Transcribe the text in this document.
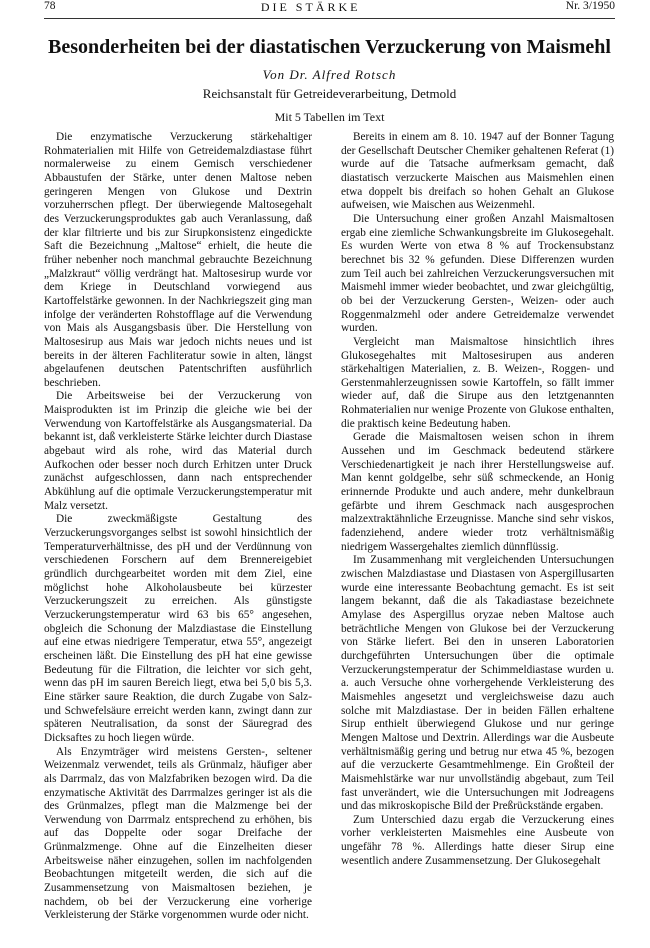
78	DIE STÄRKE	Nr. 3/1950
Besonderheiten bei der diastatischen Verzuckerung von Maismehl
Von Dr. Alfred Rotsch
Reichsanstalt für Getreideverarbeitung, Detmold
Mit 5 Tabellen im Text

Die enzymatische Verzuckerung stärkehaltiger Rohmaterialien mit Hilfe von Getreidemalzdiastase führt normalerweise zu einem Gemisch verschiedener Abbaustufen der Stärke, unter denen Maltose neben geringeren Mengen von Glukose und Dextrin vorzuherrschen pflegt. Der überwiegende Maltosegehalt des Verzuckerungsproduktes gab auch Veranlassung, daß der klar filtrierte und bis zur Sirupkonsistenz eingedickte Saft die Bezeichnung „Maltose“ erhielt, die heute die früher nebenher noch manchmal gebrauchte Bezeichnung „Malzkraut“ völlig verdrängt hat. Maltosesirup wurde vor dem Kriege in Deutschland vorwiegend aus Kartoffelstärke gewonnen. In der Nachkriegszeit ging man infolge der veränderten Rohstofflage auf die Verwendung von Mais als Ausgangsbasis über. Die Herstellung von Maltosesirup aus Mais war jedoch nichts neues und ist bereits in der älteren Fachliteratur sowie in alten, längst abgelaufenen deutschen Patentschriften ausführlich beschrieben.

Die Arbeitsweise bei der Verzuckerung von Maisprodukten ist im Prinzip die gleiche wie bei der Verwendung von Kartoffelstärke als Ausgangsmaterial. Da bekannt ist, daß verkleisterte Stärke leichter durch Diastase abgebaut wird als rohe, wird das Material durch Aufkochen oder besser noch durch Erhitzen unter Druck zunächst aufgeschlossen, dann nach entsprechender Abkühlung auf die optimale Verzuckerungstemperatur mit Malz versetzt.

Die zweckmäßigste Gestaltung des Verzuckerungsvorganges selbst ist sowohl hinsichtlich der Temperaturverhältnisse, des pH und der Verdünnung von verschiedenen Forschern auf dem Brennereigebiet gründlich durchgearbeitet worden mit dem Ziel, eine möglichst hohe Alkoholausbeute bei kürzester Verzuckerungszeit zu erreichen. Als günstigste Verzuckerungstemperatur wird 63 bis 65° angesehen, obgleich die Schonung der Malzdiastase die Einstellung auf eine etwas niedrigere Temperatur, etwa 55°, angezeigt erscheinen läßt. Die Einstellung des pH hat eine gewisse Bedeutung für die Filtration, die leichter vor sich geht, wenn das pH im sauren Bereich liegt, etwa bei 5,0 bis 5,3. Eine stärker saure Reaktion, die durch Zugabe von Salz- und Schwefelsäure erreicht werden kann, zwingt dann zur späteren Neutralisation, da sonst der Säuregrad des Dicksaftes zu hoch liegen würde.

Als Enzymträger wird meistens Gersten-, seltener Weizenmalz verwendet, teils als Grünmalz, häufiger aber als Darrmalz, das von Malzfabriken bezogen wird. Da die enzymatische Aktivität des Darrmalzes geringer ist als die des Grünmalzes, pflegt man die Malzmenge bei der Verwendung von Darrmalz entsprechend zu erhöhen, bis auf das Doppelte oder sogar Dreifache der Grünmalzmenge. Ohne auf die Einzelheiten dieser Arbeitsweise näher einzugehen, sollen im nachfolgenden Beobachtungen mitgeteilt werden, die sich auf die Zusammensetzung von Maismaltosen beziehen, je nachdem, ob bei der Verzuckerung eine vorherige Verkleisterung der Stärke vorgenommen wurde oder nicht.

Bereits in einem am 8. 10. 1947 auf der Bonner Tagung der Gesellschaft Deutscher Chemiker gehaltenen Referat (1) wurde auf die Tatsache aufmerksam gemacht, daß diastatisch verzuckerte Maischen aus Maismehlen einen etwa doppelt bis dreifach so hohen Gehalt an Glukose aufweisen, wie Maischen aus Weizenmehl.

Die Untersuchung einer großen Anzahl Maismaltosen ergab eine ziemliche Schwankungsbreite im Glukosegehalt. Es wurden Werte von etwa 8 % auf Trockensubstanz berechnet bis 32 % gefunden. Diese Differenzen wurden zum Teil auch bei zahlreichen Verzuckerungsversuchen mit Maismehl immer wieder beobachtet, und zwar gleichgültig, ob bei der Verzuckerung Gersten-, Weizen- oder auch Roggenmalzmehl oder andere Getreidemalze verwendet wurden.

Vergleicht man Maismaltose hinsichtlich ihres Glukosegehaltes mit Maltosesirupen aus anderen stärkehaltigen Materialien, z. B. Weizen-, Roggen- und Gerstenmahlerzeugnissen sowie Kartoffeln, so fällt immer wieder auf, daß die Sirupe aus den letztgenannten Rohmaterialien nur wenige Prozente von Glukose enthalten, die praktisch keine Bedeutung haben.

Gerade die Maismaltosen weisen schon in ihrem Aussehen und im Geschmack bedeutend stärkere Verschiedenartigkeit je nach ihrer Herstellungsweise auf. Man kennt goldgelbe, sehr süß schmeckende, an Honig erinnernde Produkte und auch andere, mehr dunkelbraun gefärbte und ihrem Geschmack nach ausgesprochen malzextraktähnliche Erzeugnisse. Manche sind sehr viskos, fadenziehend, andere wieder trotz verhältnismäßig niedrigem Wassergehaltes ziemlich dünnflüssig.

Im Zusammenhang mit vergleichenden Untersuchungen zwischen Malzdiastase und Diastasen von Aspergillusarten wurde eine interessante Beobachtung gemacht. Es ist seit langem bekannt, daß die als Takadiastase bezeichnete Amylase des Aspergillus oryzae neben Maltose auch beträchtliche Mengen von Glukose bei der Verzuckerung von Stärke liefert. Bei den in unseren Laboratorien durchgeführten Untersuchungen über die optimale Verzuckerungstemperatur der Schimmeldiastase wurden u. a. auch Versuche ohne vorhergehende Verkleisterung des Maismehles angesetzt und vergleichsweise dazu auch solche mit Malzdiastase. Der in beiden Fällen erhaltene Sirup enthielt überwiegend Glukose und nur geringe Mengen Maltose und Dextrin. Allerdings war die Ausbeute verhältnismäßig gering und betrug nur etwa 45 %, bezogen auf die verzuckerte Gesamtmehlmenge. Ein Großteil der Maismehlstärke war nur unvollständig abgebaut, zum Teil fast unverändert, wie die Untersuchungen mit Jodreagens und das mikroskopische Bild der Preßrückstände ergaben.

Zum Unterschied dazu ergab die Verzuckerung eines vorher verkleisterten Maismehles eine Ausbeute von ungefähr 78 %. Allerdings hatte dieser Sirup eine wesentlich andere Zusammensetzung. Der Glukosegehalt
